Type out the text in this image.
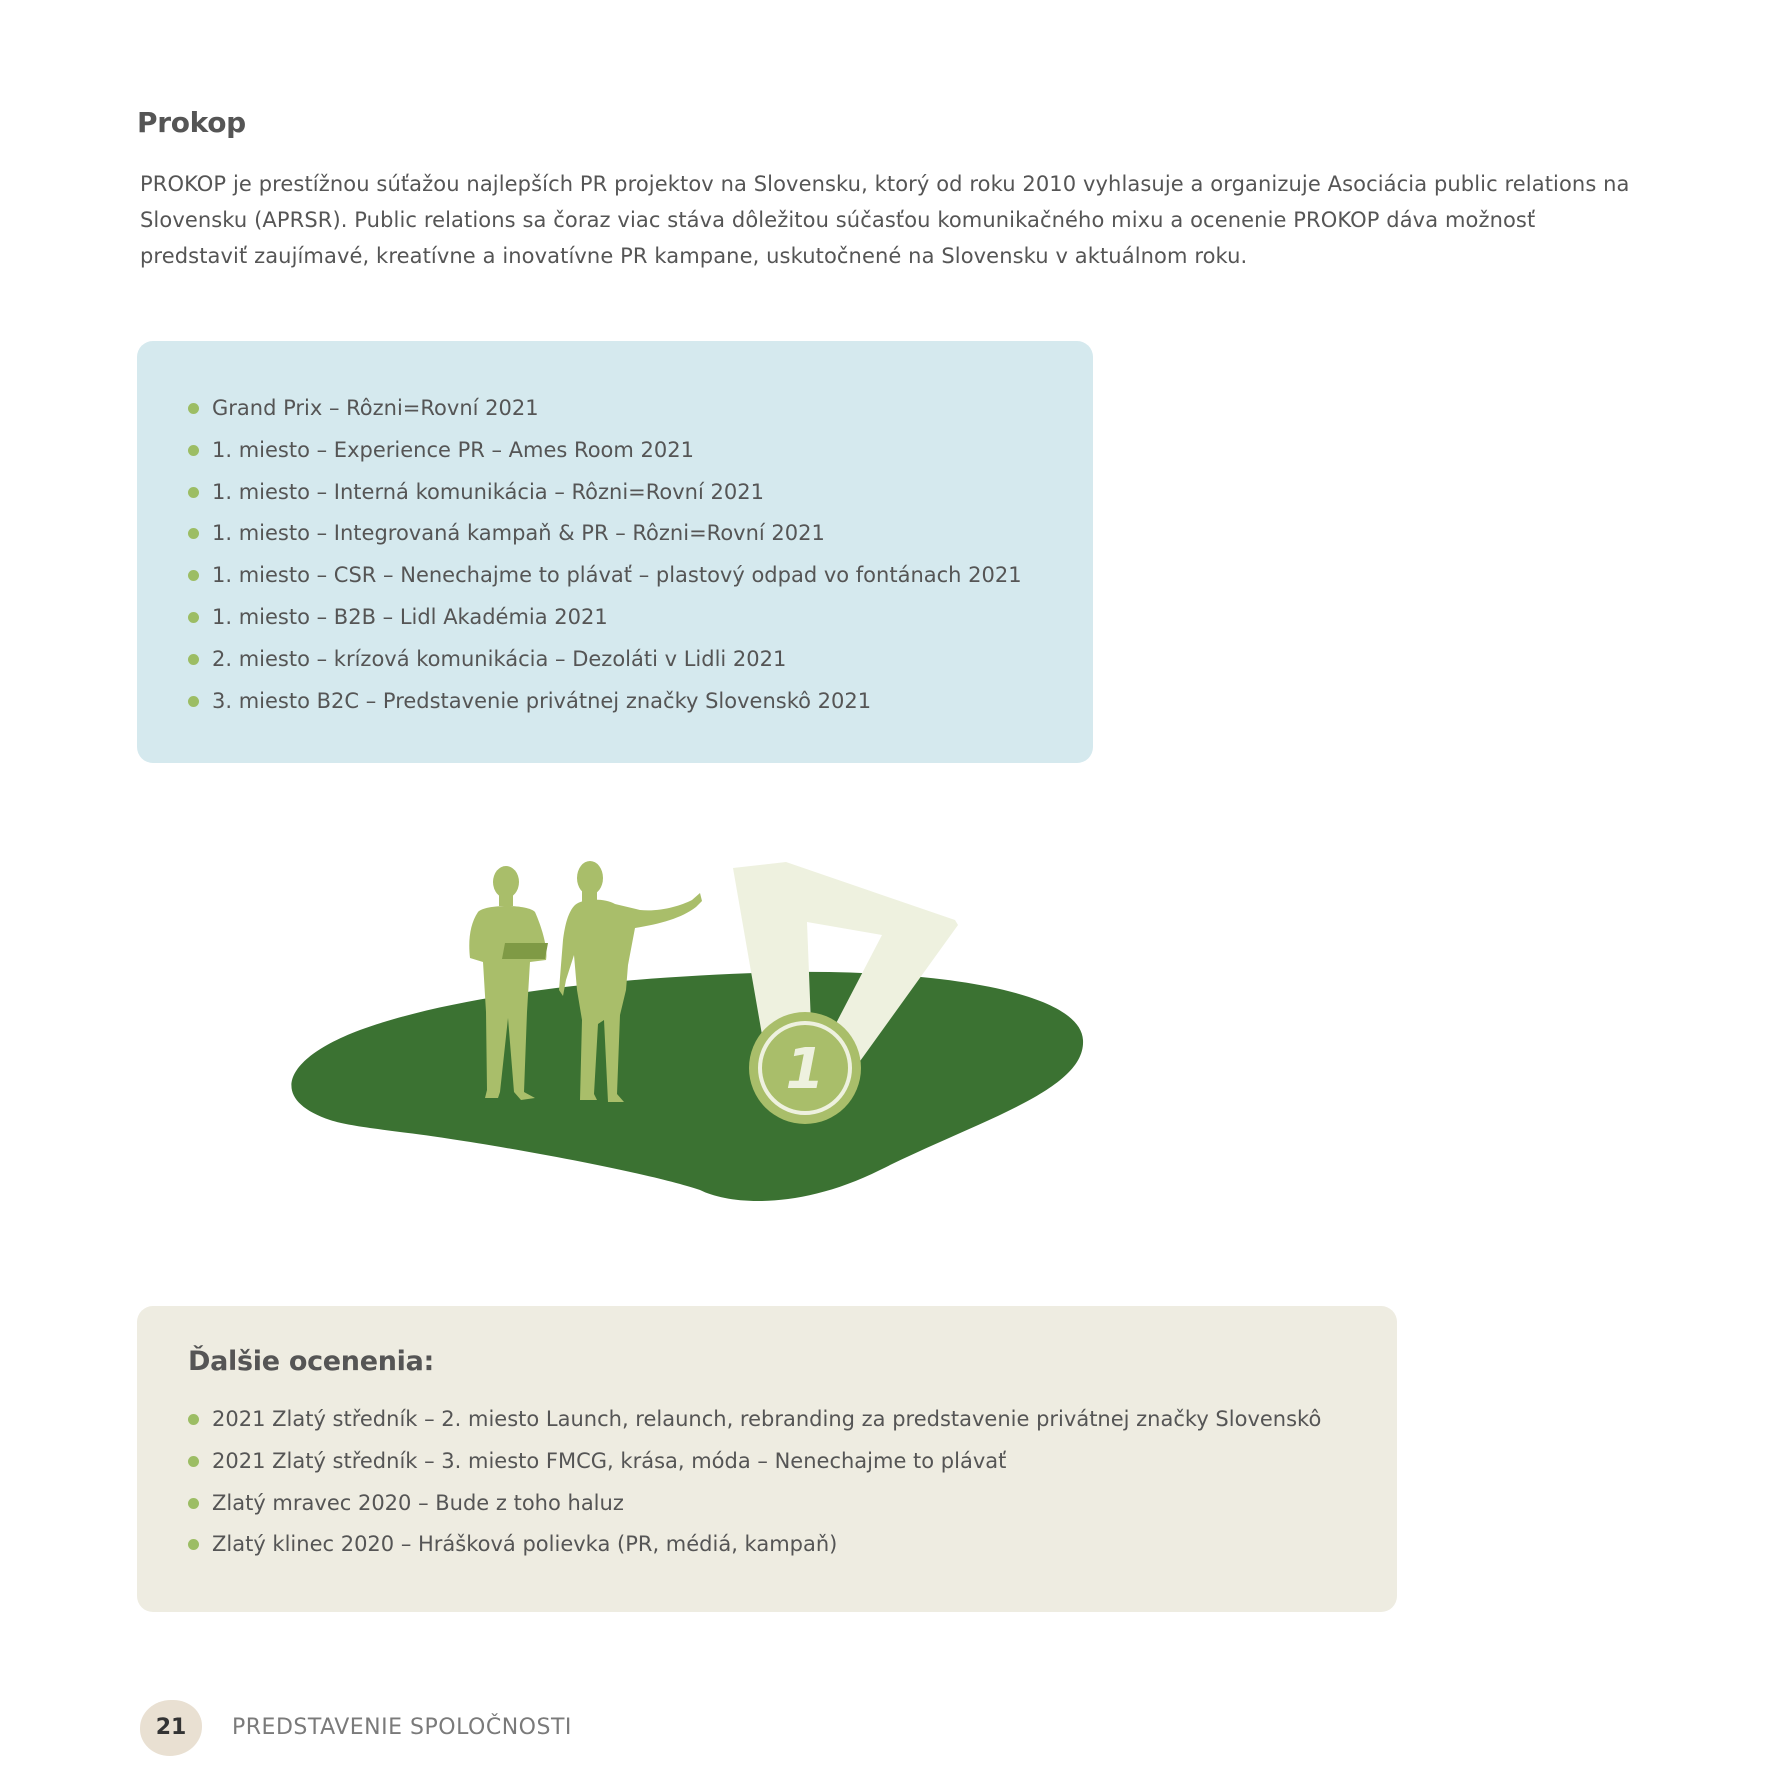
Prokop

PROKOP je prestížnou súťažou najlepších PR projektov na Slovensku, ktorý od roku 2010 vyhlasuje a organizuje Asociácia public relations na Slovensku (APRSR). Public relations sa čoraz viac stáva dôležitou súčasťou komunikačného mixu a ocenenie PROKOP dáva možnosť predstaviť zaujímavé, kreatívne a inovatívne PR kampane, uskutočnené na Slovensku v aktuálnom roku.

Grand Prix – Rôzni=Rovní 2021
1. miesto – Experience PR – Ames Room 2021
1. miesto – Interná komunikácia – Rôzni=Rovní 2021
1. miesto – Integrovaná kampaň & PR – Rôzni=Rovní 2021
1. miesto – CSR – Nenechajme to plávať – plastový odpad vo fontánach 2021
1. miesto – B2B – Lidl Akadémia 2021
2. miesto – krízová komunikácia – Dezoláti v Lidli 2021
3. miesto B2C – Predstavenie privátnej značky Slovenskô 2021
1
Ďalšie ocenenia:
2021 Zlatý středník – 2. miesto Launch, relaunch, rebranding za predstavenie privátnej značky Slovenskô
2021 Zlatý středník – 3. miesto FMCG, krása, móda – Nenechajme to plávať
Zlatý mravec 2020 – Bude z toho haluz
Zlatý klinec 2020 – Hrášková polievka (PR, médiá, kampaň)
21	PREDSTAVENIE SPOLOČNOSTI
